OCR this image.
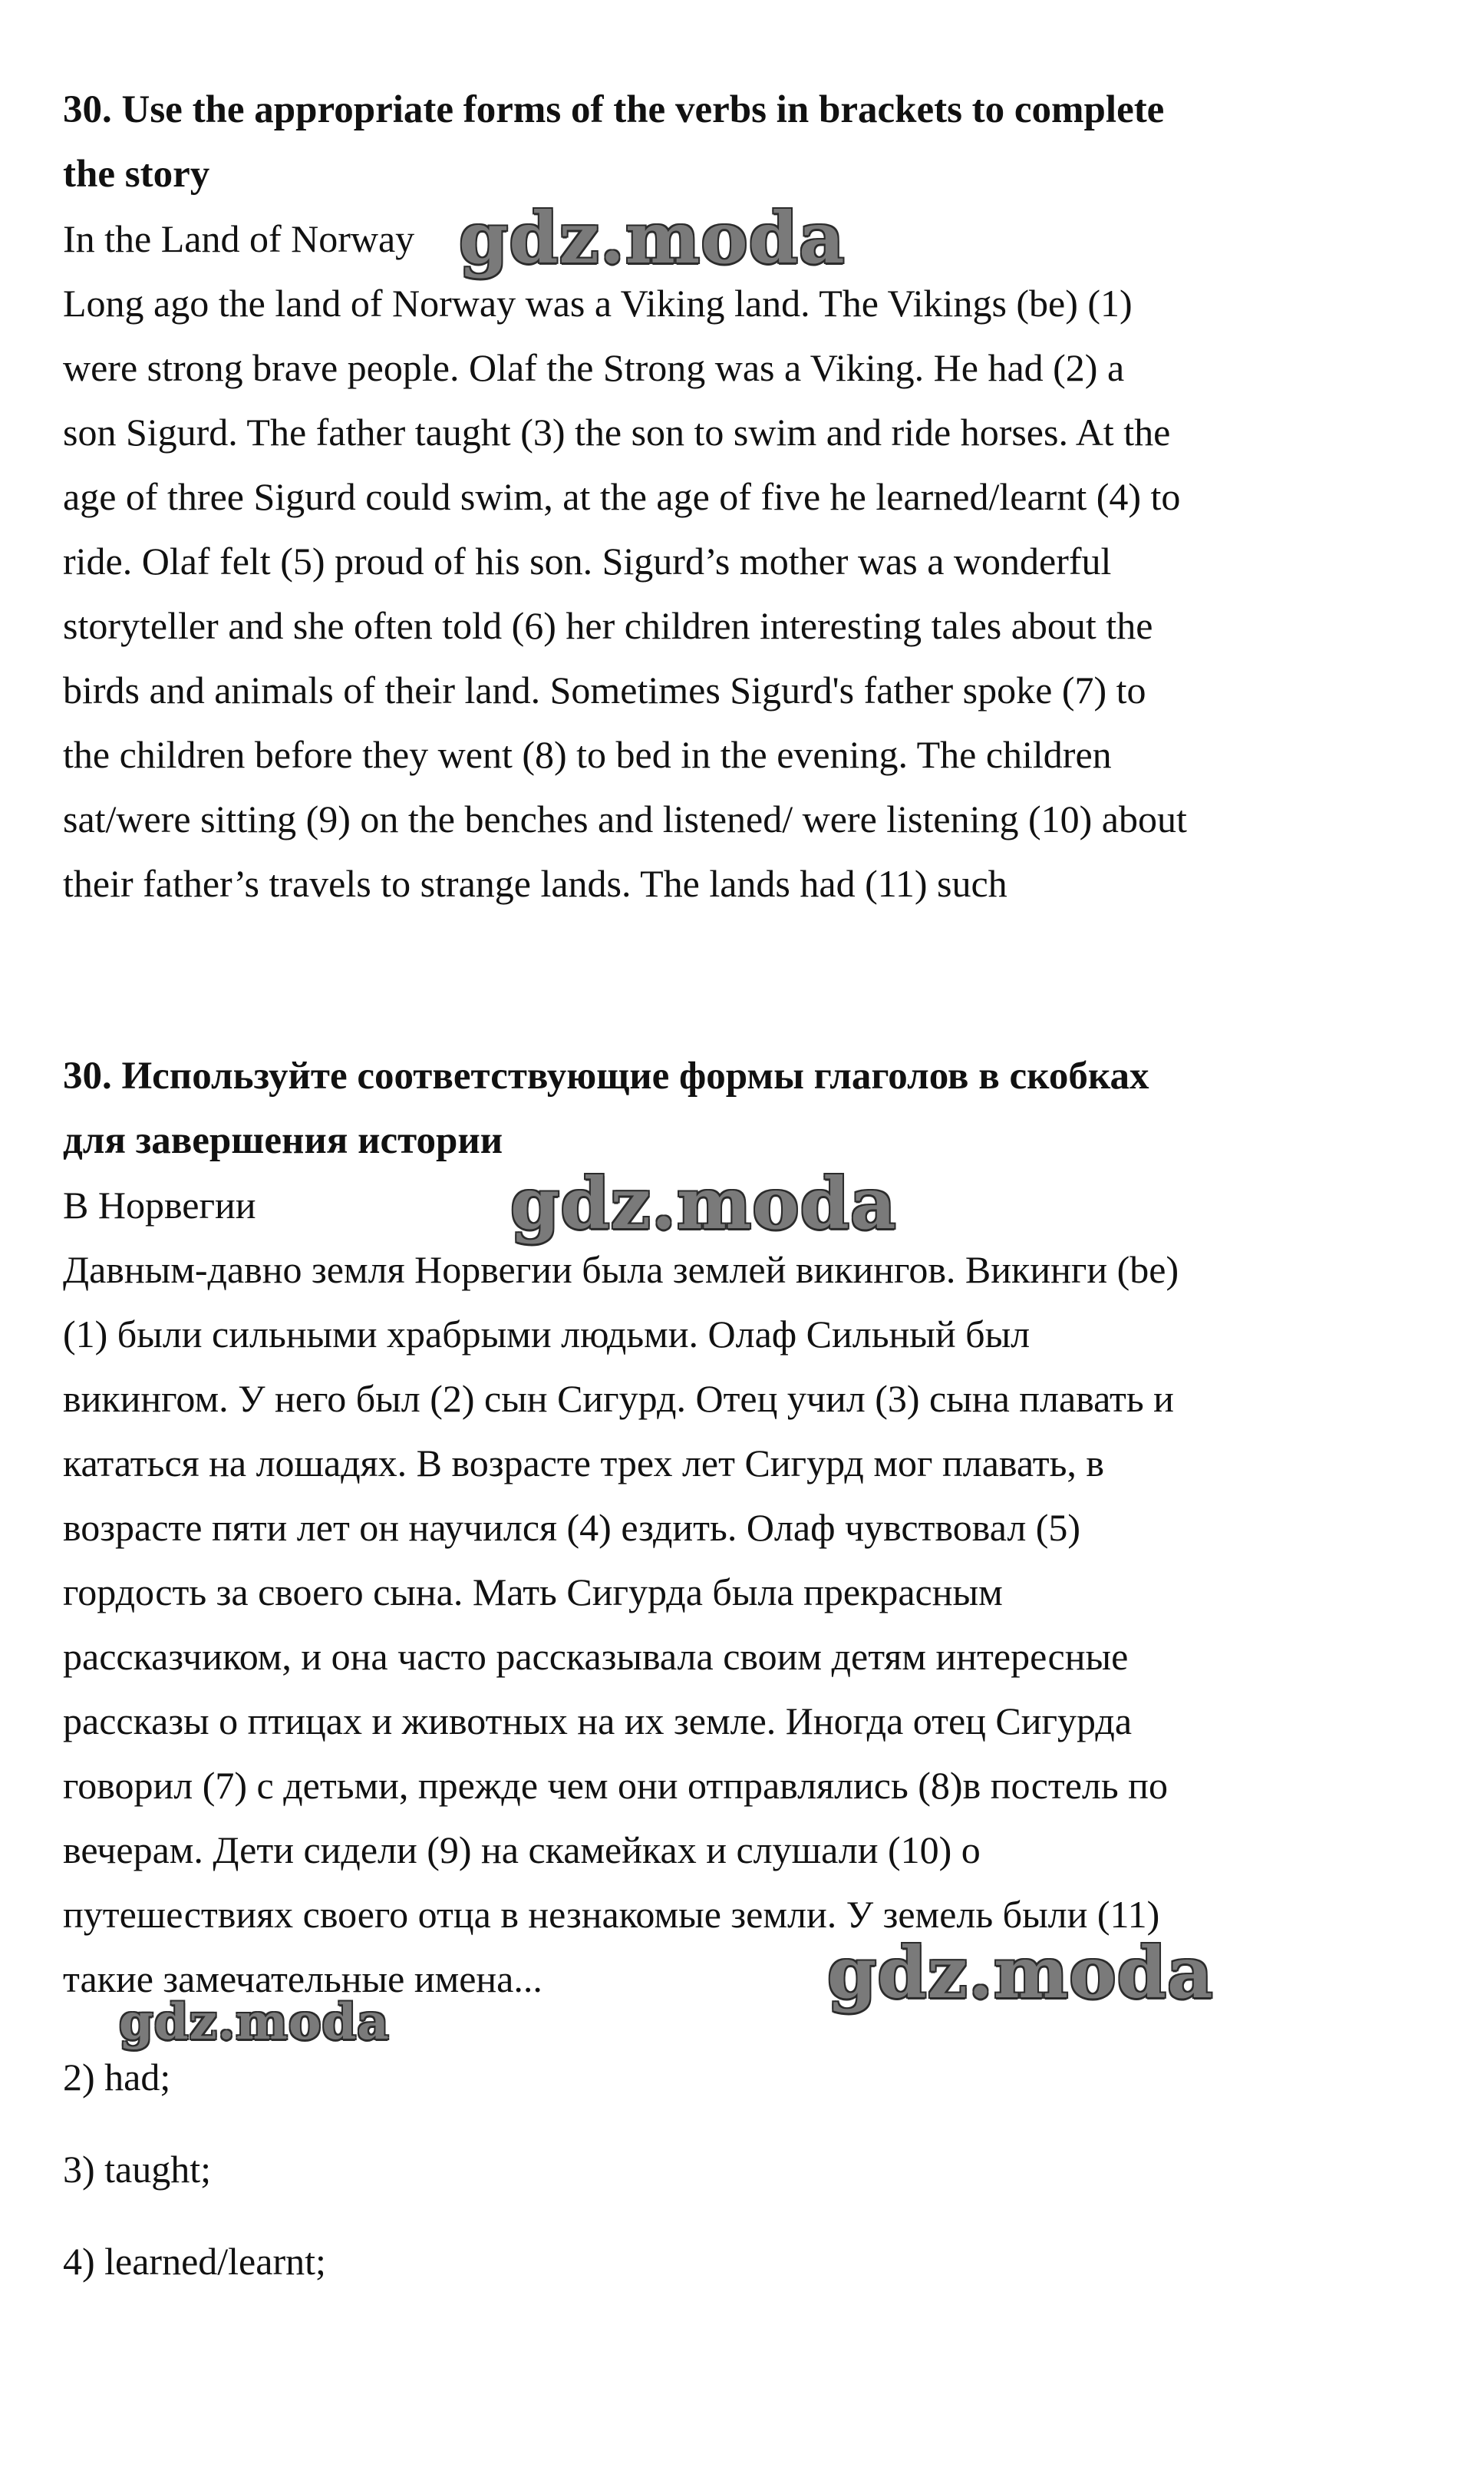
30. Use the appropriate forms of the verbs in brackets to complete

the story

In the Land of Norway

Long ago the land of Norway was a Viking land. The Vikings (be) (1)

were strong brave people. Olaf the Strong was a Viking. He had (2) a

son Sigurd. The father taught (3) the son to swim and ride horses. At the

age of three Sigurd could swim, at the age of five he learned/learnt (4) to

ride. Olaf felt (5) proud of his son. Sigurd’s mother was a wonderful

storyteller and she often told (6) her children interesting tales about the

birds and animals of their land. Sometimes Sigurd's father spoke (7) to

the children before they went (8) to bed in the evening. The children

sat/were sitting (9) on the benches and listened/ were listening (10) about

their father’s travels to strange lands. The lands had (11) such

30. Используйте соответствующие формы глаголов в скобках

для завершения истории

В Норвегии

Давным-давно земля Норвегии была землей викингов. Викинги (be)

(1) были сильными храбрыми людьми. Олаф Сильный был

викингом. У него был (2) сын Сигурд. Отец учил (3) сына плавать и

кататься на лошадях. В возрасте трех лет Сигурд мог плавать, в

возрасте пяти лет он научился (4) ездить. Олаф чувствовал (5)

гордость за своего сына. Мать Сигурда была прекрасным

рассказчиком, и она часто рассказывала своим детям интересные

рассказы о птицах и животных на их земле. Иногда отец Сигурда

говорил (7) с детьми, прежде чем они отправлялись (8)в постель по

вечерам. Дети сидели (9) на скамейках и слушали (10) о

путешествиях своего отца в незнакомые земли. У земель были (11)

такие замечательные имена...

2) had;

3) taught;

4) learned/learnt;

gdz.moda
gdz.moda
gdz.moda
gdz.moda
